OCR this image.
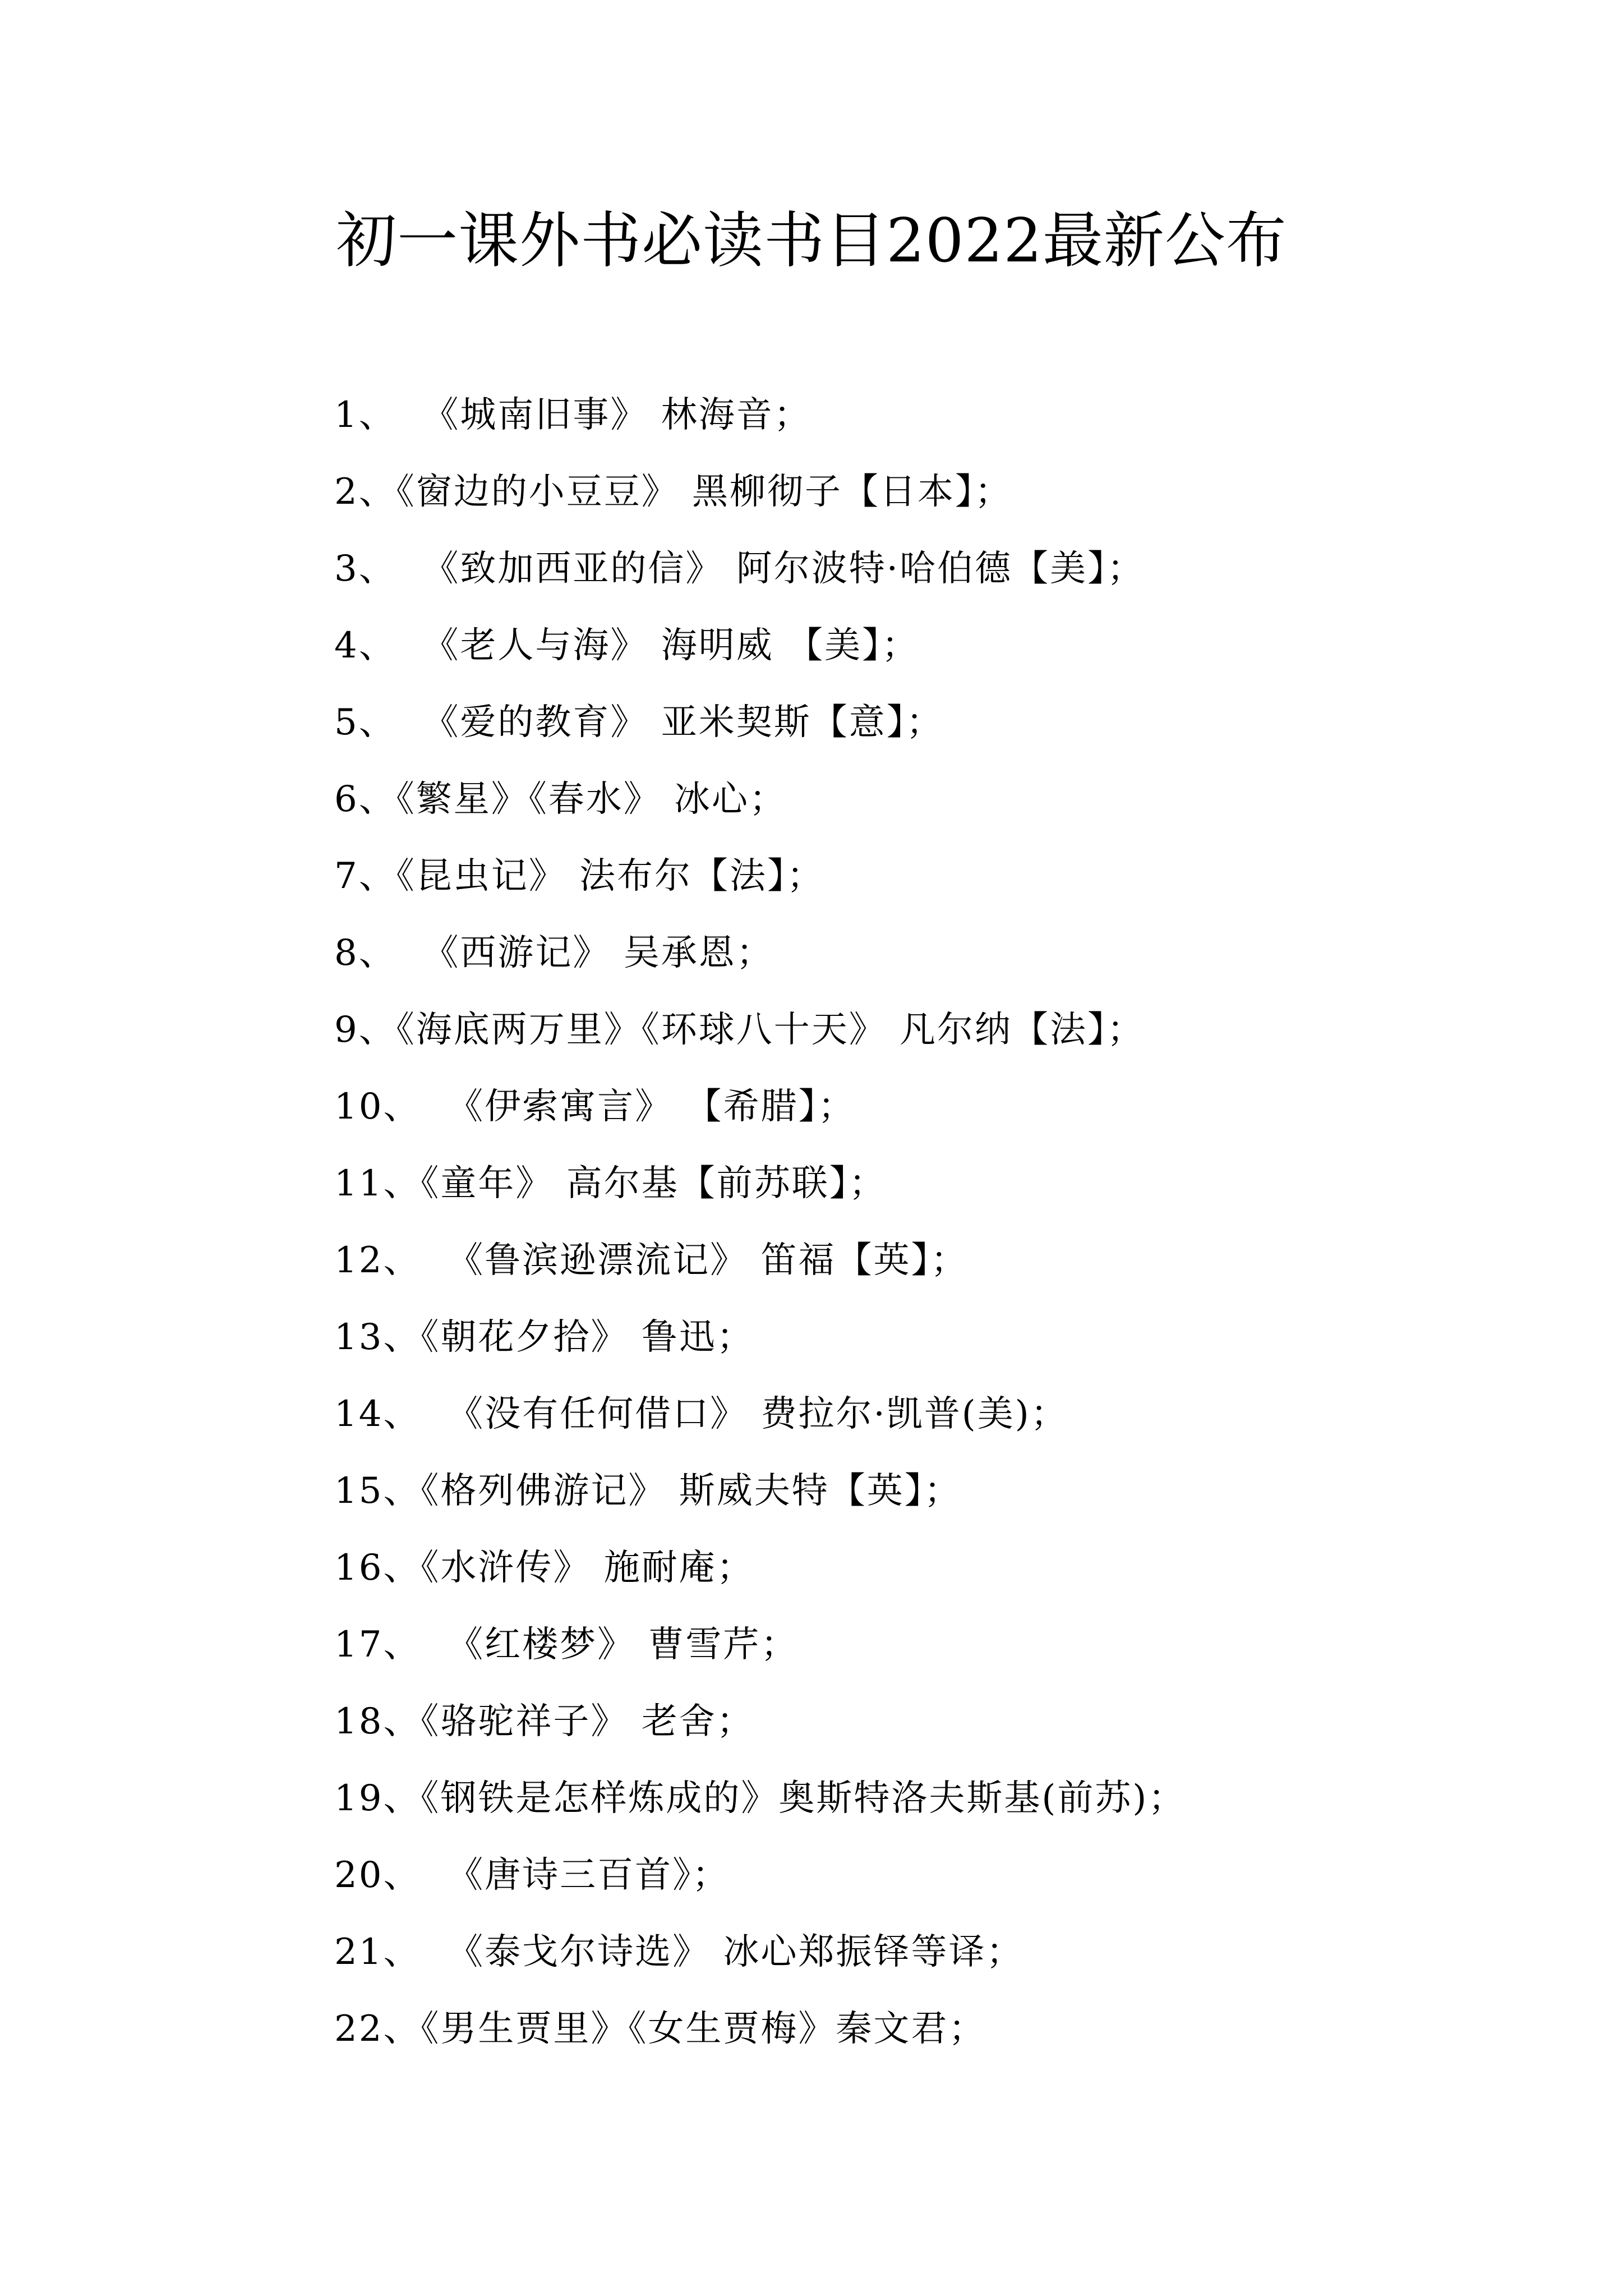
初一课外书必读书目2022最新公布
1、  《城南旧事》 林海音；
2、《窗边的小豆豆》 黑柳彻子【日本】；
3、  《致加西亚的信》 阿尔波特·哈伯德【美】；
4、  《老人与海》 海明威 【美】；
5、  《爱的教育》 亚米契斯【意】；
6、《繁星》《春水》 冰心；
7、《昆虫记》 法布尔【法】；
8、  《西游记》 吴承恩；
9、《海底两万里》《环球八十天》 凡尔纳【法】；
10、  《伊索寓言》 【希腊】；
11、《童年》 高尔基【前苏联】；
12、  《鲁滨逊漂流记》 笛福【英】；
13、《朝花夕拾》 鲁迅；
14、  《没有任何借口》 费拉尔·凯普(美)；
15、《格列佛游记》 斯威夫特【英】；
16、《水浒传》 施耐庵；
17、  《红楼梦》 曹雪芹；
18、《骆驼祥子》 老舍；
19、《钢铁是怎样炼成的》奥斯特洛夫斯基(前苏)；
20、  《唐诗三百首》；
21、  《泰戈尔诗选》 冰心郑振铎等译；
22、《男生贾里》《女生贾梅》秦文君；
